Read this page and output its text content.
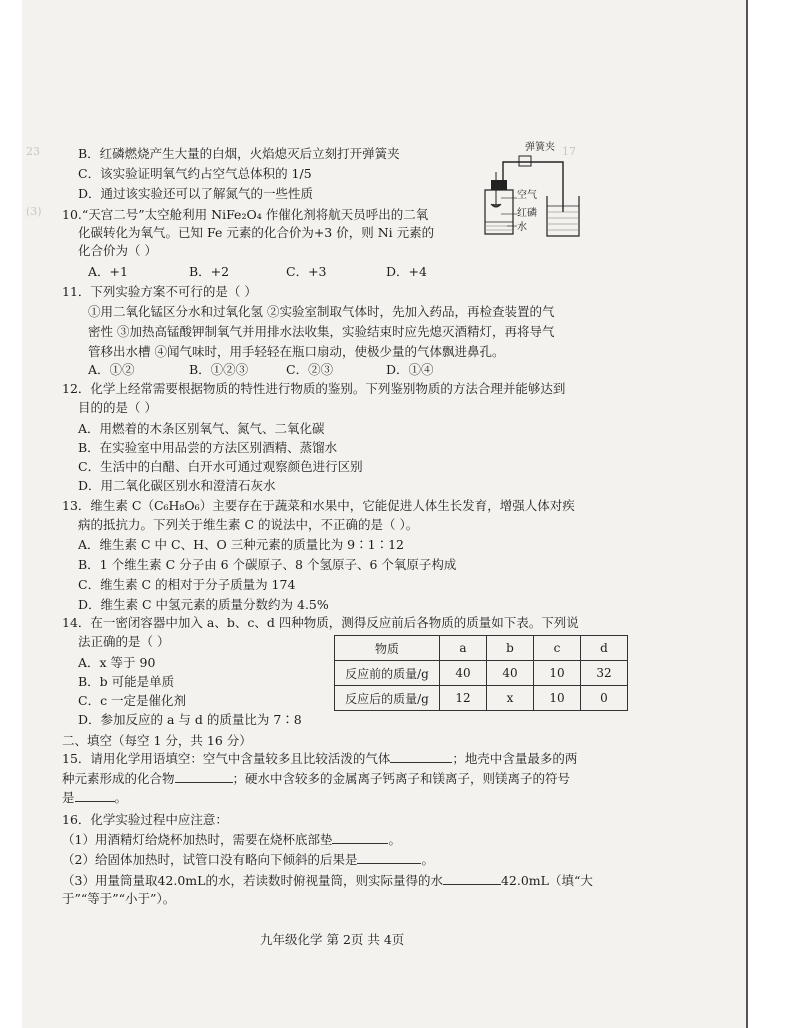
23
(3)
17
B．红磷燃烧产生大量的白烟，火焰熄灭后立刻打开弹簧夹
C．该实验证明氧气约占空气总体积的 1/5
D．通过该实验还可以了解氮气的一些性质
弹簧夹
空气
红磷
水
10.“天宫二号”太空舱利用 NiFe₂O₄ 作催化剂将航天员呼出的二氧
化碳转化为氧气。已知 Fe 元素的化合价为+3 价，则 Ni 元素的
化合价为（ ）
A．+1	B．+2	C．+3	D．+4
11．下列实验方案不可行的是（ ）
①用二氧化锰区分水和过氧化氢 ②实验室制取气体时，先加入药品，再检查装置的气
密性 ③加热高锰酸钾制氧气并用排水法收集，实验结束时应先熄灭酒精灯，再将导气
管移出水槽 ④闻气味时，用手轻轻在瓶口扇动，使极少量的气体飘进鼻孔。
A．①②	B．①②③	C．②③	D．①④
12．化学上经常需要根据物质的特性进行物质的鉴别。下列鉴别物质的方法合理并能够达到
目的的是（ ）
A．用燃着的木条区别氧气、氮气、二氧化碳
B．在实验室中用品尝的方法区别酒精、蒸馏水
C．生活中的白醋、白开水可通过观察颜色进行区别
D．用二氧化碳区别水和澄清石灰水
13．维生素 C（C₆H₈O₆）主要存在于蔬菜和水果中，它能促进人体生长发育，增强人体对疾
病的抵抗力。下列关于维生素 C 的说法中，不正确的是（ ）。
A．维生素 C 中 C、H、O 三种元素的质量比为 9∶1∶12
B．1 个维生素 C 分子由 6 个碳原子、8 个氢原子、6 个氧原子构成
C．维生素 C 的相对于分子质量为 174
D．维生素 C 中氢元素的质量分数约为 4.5%
14．在一密闭容器中加入 a、b、c、d 四种物质，测得反应前后各物质的质量如下表。下列说
法正确的是（ ）
A．x 等于 90
B．b 可能是单质
C．c 一定是催化剂
D．参加反应的 a 与 d 的质量比为 7∶8
物质	a	b	c	d
反应前的质量/g	40	40	10	32
反应后的质量/g	12	x	10	0
二、填空（每空 1 分，共 16 分）
15．请用化学用语填空：空气中含量较多且比较活泼的气体	；地壳中含量最多的两
种元素形成的化合物	；硬水中含较多的金属离子钙离子和镁离子，则镁离子的符号
是	。
16．化学实验过程中应注意：
（1）用酒精灯给烧杯加热时，需要在烧杯底部垫	。
（2）给固体加热时，试管口没有略向下倾斜的后果是	。
（3）用量筒量取42.0mL的水，若读数时俯视量筒，则实际量得的水	42.0mL（填“大
于”“等于”“小于”）。
九年级化学 第 2页 共 4页
